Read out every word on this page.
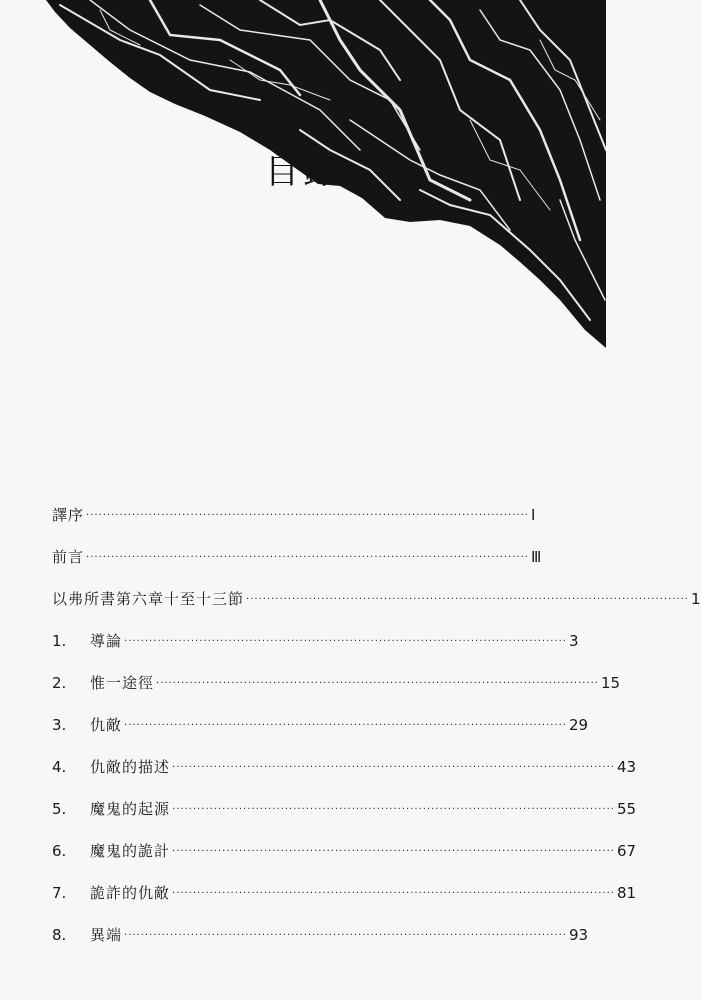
目錄
譯序 ·········································································································· Ⅰ
前言 ·········································································································· Ⅲ
以弗所書第六章十至十三節 ·········································································································· 1
1.	導論 ·········································································································· 3
2.	惟一途徑 ·········································································································· 15
3.	仇敵 ·········································································································· 29
4.	仇敵的描述 ·········································································································· 43
5.	魔鬼的起源 ·········································································································· 55
6.	魔鬼的詭計 ·········································································································· 67
7.	詭詐的仇敵 ·········································································································· 81
8.	異端 ·········································································································· 93
